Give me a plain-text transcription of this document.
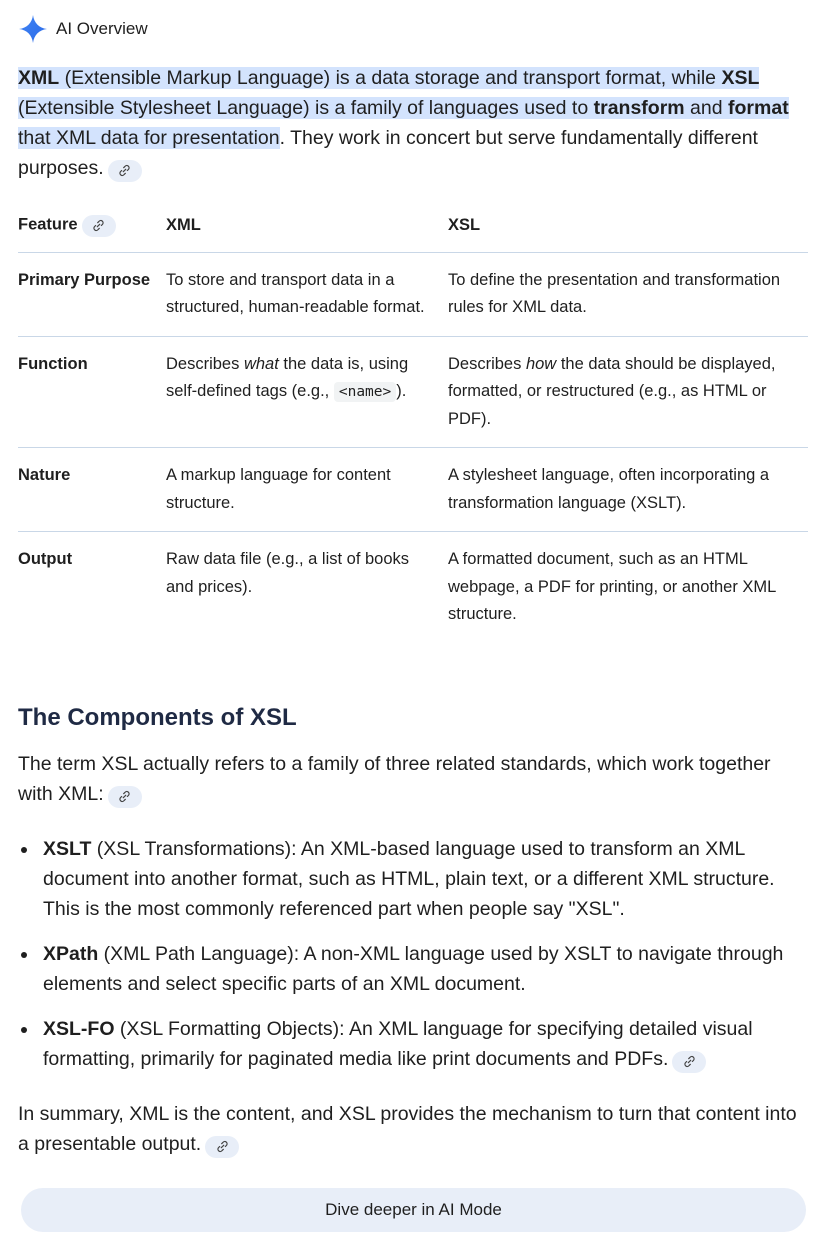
AI Overview

XML (Extensible Markup Language) is a data storage and transport format, while XSL (Extensible Stylesheet Language) is a family of languages used to transform and format that XML data for presentation. They work in concert but serve fundamentally different purposes.

Feature	XML	XSL
Primary Purpose	To store and transport data in a structured, human-readable format.	To define the presentation and transformation rules for XML data.
Function	Describes what the data is, using self-defined tags (e.g., <name> ).	Describes how the data should be displayed, formatted, or restructured (e.g., as HTML or PDF).
Nature	A markup language for content structure.	A stylesheet language, often incorporating a transformation language (XSLT).
Output	Raw data file (e.g., a list of books and prices).	A formatted document, such as an HTML webpage, a PDF for printing, or another XML structure.
The Components of XSL

The term XSL actually refers to a family of three related standards, which work together with XML:

XSLT (XSL Transformations): An XML-based language used to transform an XML document into another format, such as HTML, plain text, or a different XML structure. This is the most commonly referenced part when people say "XSL".
XPath (XML Path Language): A non-XML language used by XSLT to navigate through elements and select specific parts of an XML document.
XSL-FO (XSL Formatting Objects): An XML language for specifying detailed visual formatting, primarily for paginated media like print documents and PDFs.

In summary, XML is the content, and XSL provides the mechanism to turn that content into a presentable output.

Dive deeper in AI Mode
